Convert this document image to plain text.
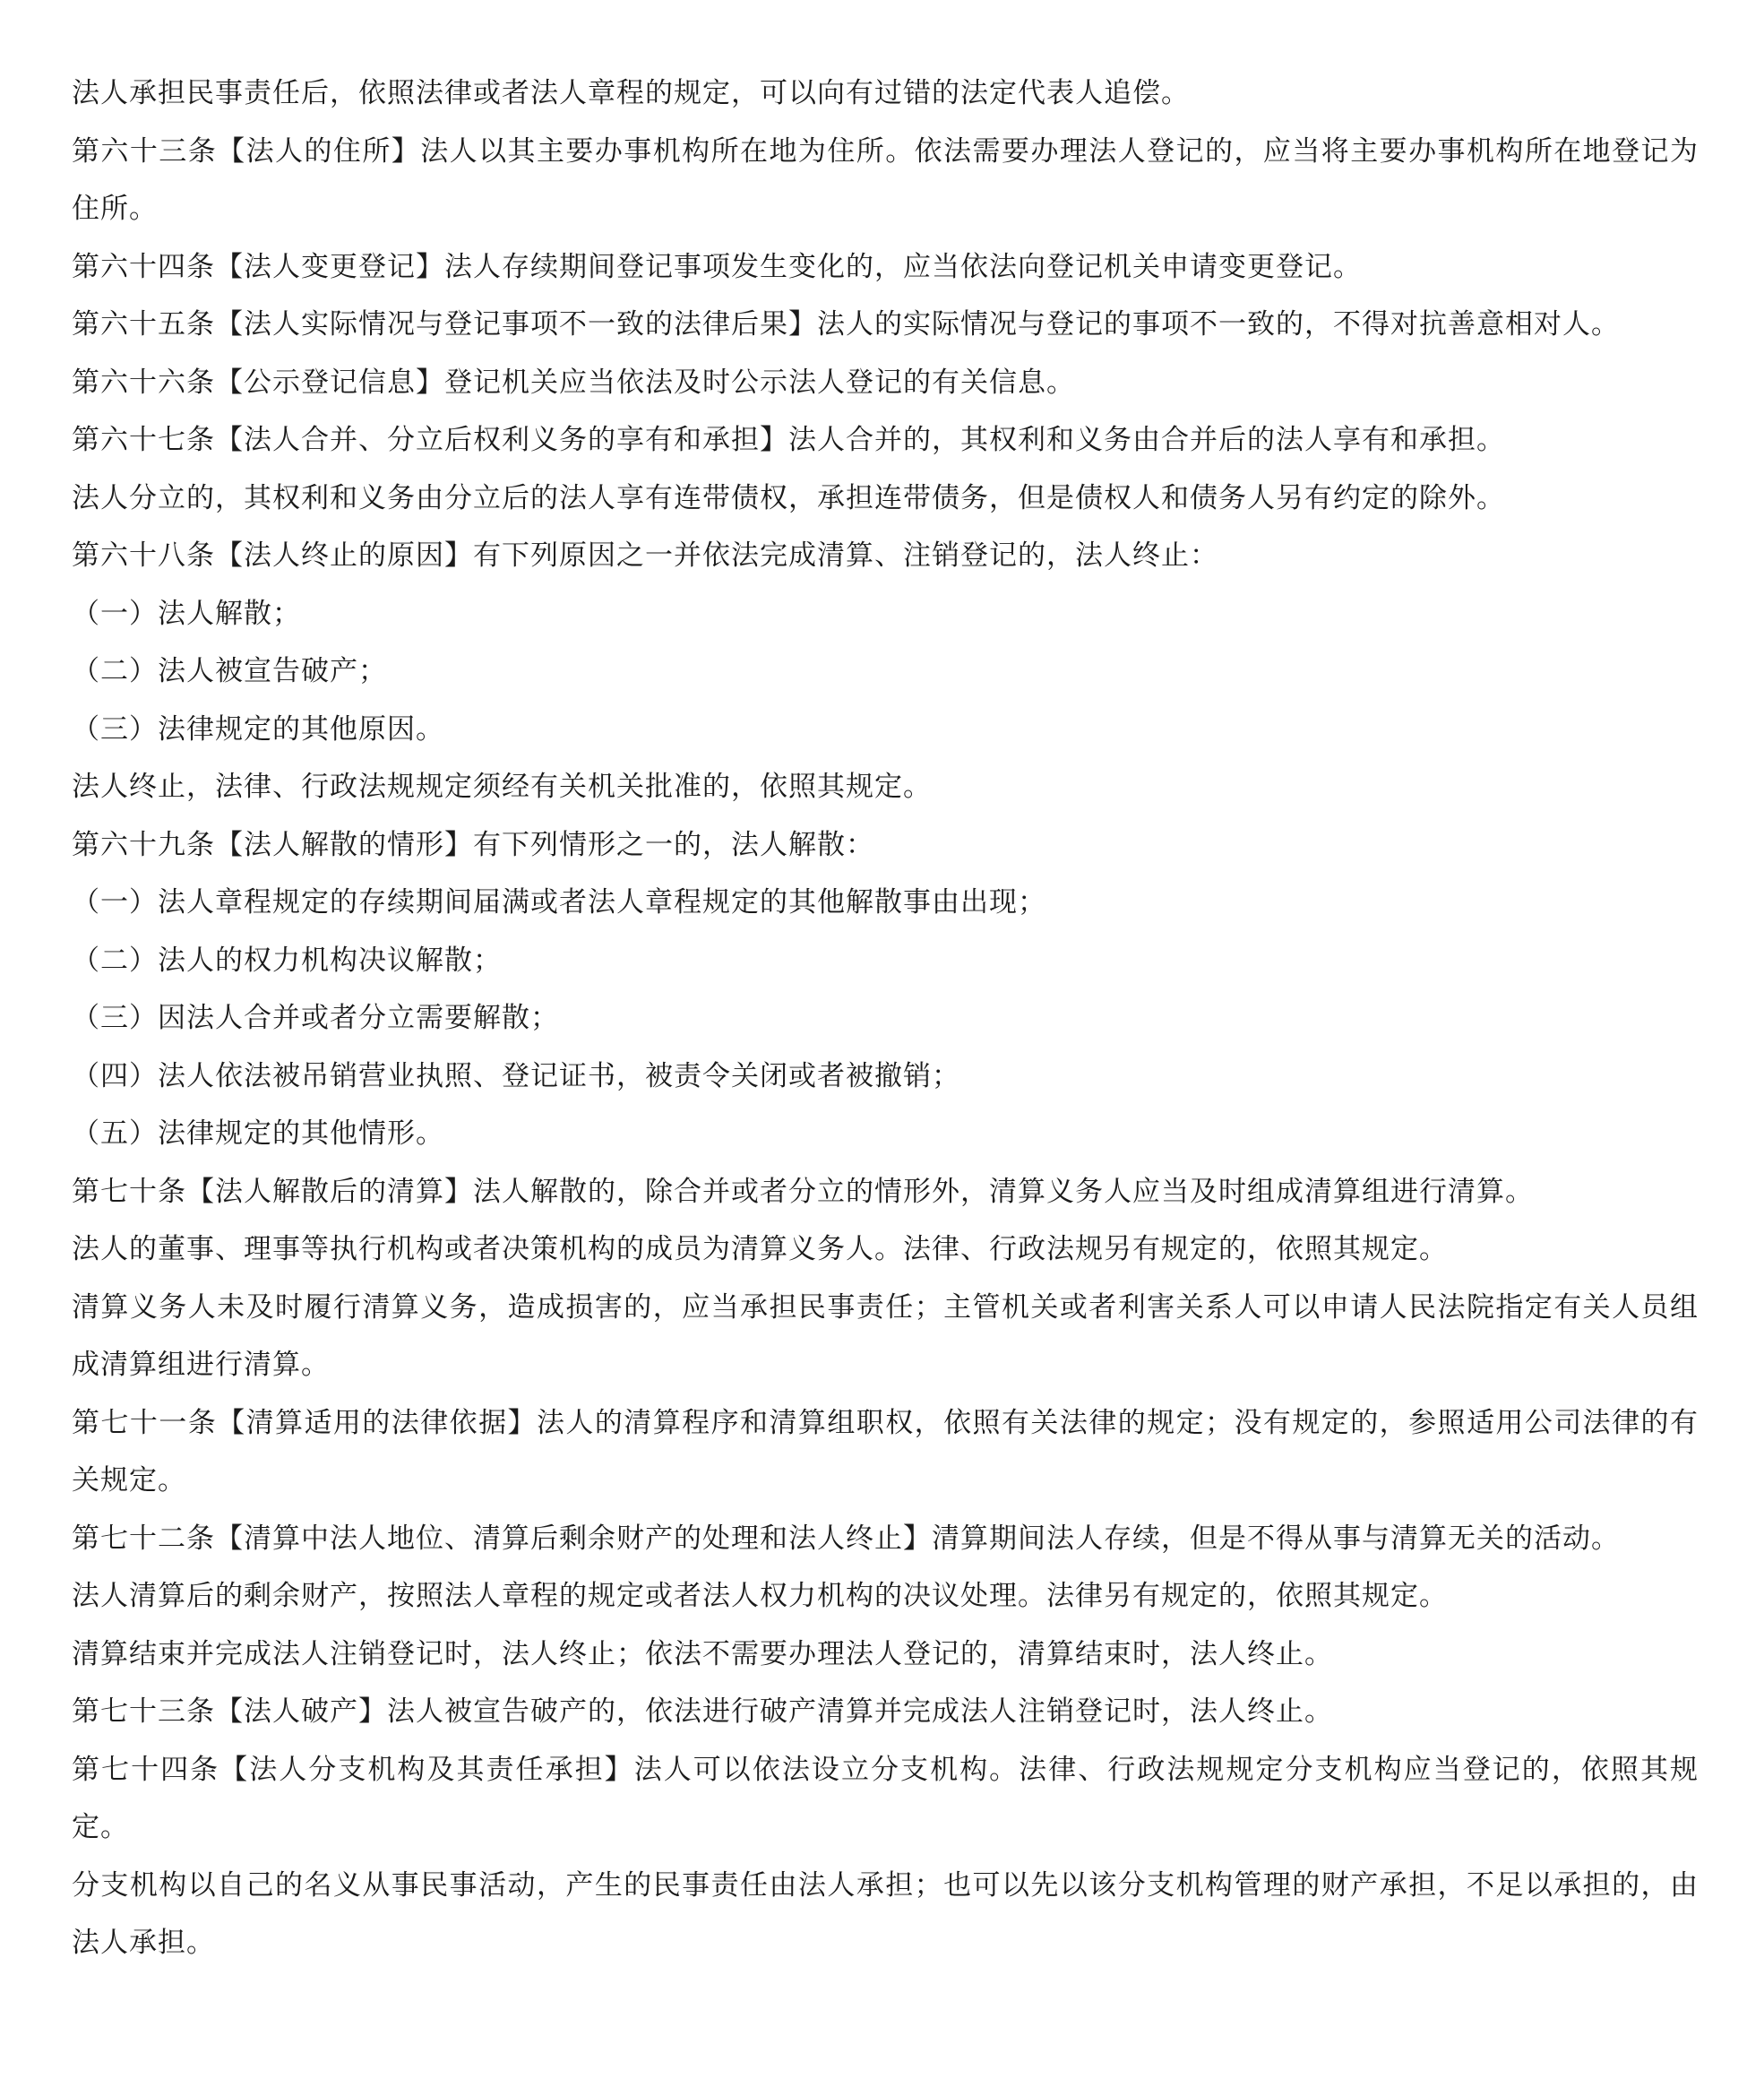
法人承担民事责任后，依照法律或者法人章程的规定，可以向有过错的法定代表人追偿。

第六十三条【法人的住所】法人以其主要办事机构所在地为住所。依法需要办理法人登记的，应当将主要办事机构所在地登记为住所。

第六十四条【法人变更登记】法人存续期间登记事项发生变化的，应当依法向登记机关申请变更登记。

第六十五条【法人实际情况与登记事项不一致的法律后果】法人的实际情况与登记的事项不一致的，不得对抗善意相对人。

第六十六条【公示登记信息】登记机关应当依法及时公示法人登记的有关信息。

第六十七条【法人合并、分立后权利义务的享有和承担】法人合并的，其权利和义务由合并后的法人享有和承担。

法人分立的，其权利和义务由分立后的法人享有连带债权，承担连带债务，但是债权人和债务人另有约定的除外。

第六十八条【法人终止的原因】有下列原因之一并依法完成清算、注销登记的，法人终止：

（一）法人解散；

（二）法人被宣告破产；

（三）法律规定的其他原因。

法人终止，法律、行政法规规定须经有关机关批准的，依照其规定。

第六十九条【法人解散的情形】有下列情形之一的，法人解散：

（一）法人章程规定的存续期间届满或者法人章程规定的其他解散事由出现；

（二）法人的权力机构决议解散；

（三）因法人合并或者分立需要解散；

（四）法人依法被吊销营业执照、登记证书，被责令关闭或者被撤销；

（五）法律规定的其他情形。

第七十条【法人解散后的清算】法人解散的，除合并或者分立的情形外，清算义务人应当及时组成清算组进行清算。

法人的董事、理事等执行机构或者决策机构的成员为清算义务人。法律、行政法规另有规定的，依照其规定。

清算义务人未及时履行清算义务，造成损害的，应当承担民事责任；主管机关或者利害关系人可以申请人民法院指定有关人员组成清算组进行清算。

第七十一条【清算适用的法律依据】法人的清算程序和清算组职权，依照有关法律的规定；没有规定的，参照适用公司法律的有关规定。

第七十二条【清算中法人地位、清算后剩余财产的处理和法人终止】清算期间法人存续，但是不得从事与清算无关的活动。

法人清算后的剩余财产，按照法人章程的规定或者法人权力机构的决议处理。法律另有规定的，依照其规定。

清算结束并完成法人注销登记时，法人终止；依法不需要办理法人登记的，清算结束时，法人终止。

第七十三条【法人破产】法人被宣告破产的，依法进行破产清算并完成法人注销登记时，法人终止。

第七十四条【法人分支机构及其责任承担】法人可以依法设立分支机构。法律、行政法规规定分支机构应当登记的，依照其规定。

分支机构以自己的名义从事民事活动，产生的民事责任由法人承担；也可以先以该分支机构管理的财产承担，不足以承担的，由法人承担。
